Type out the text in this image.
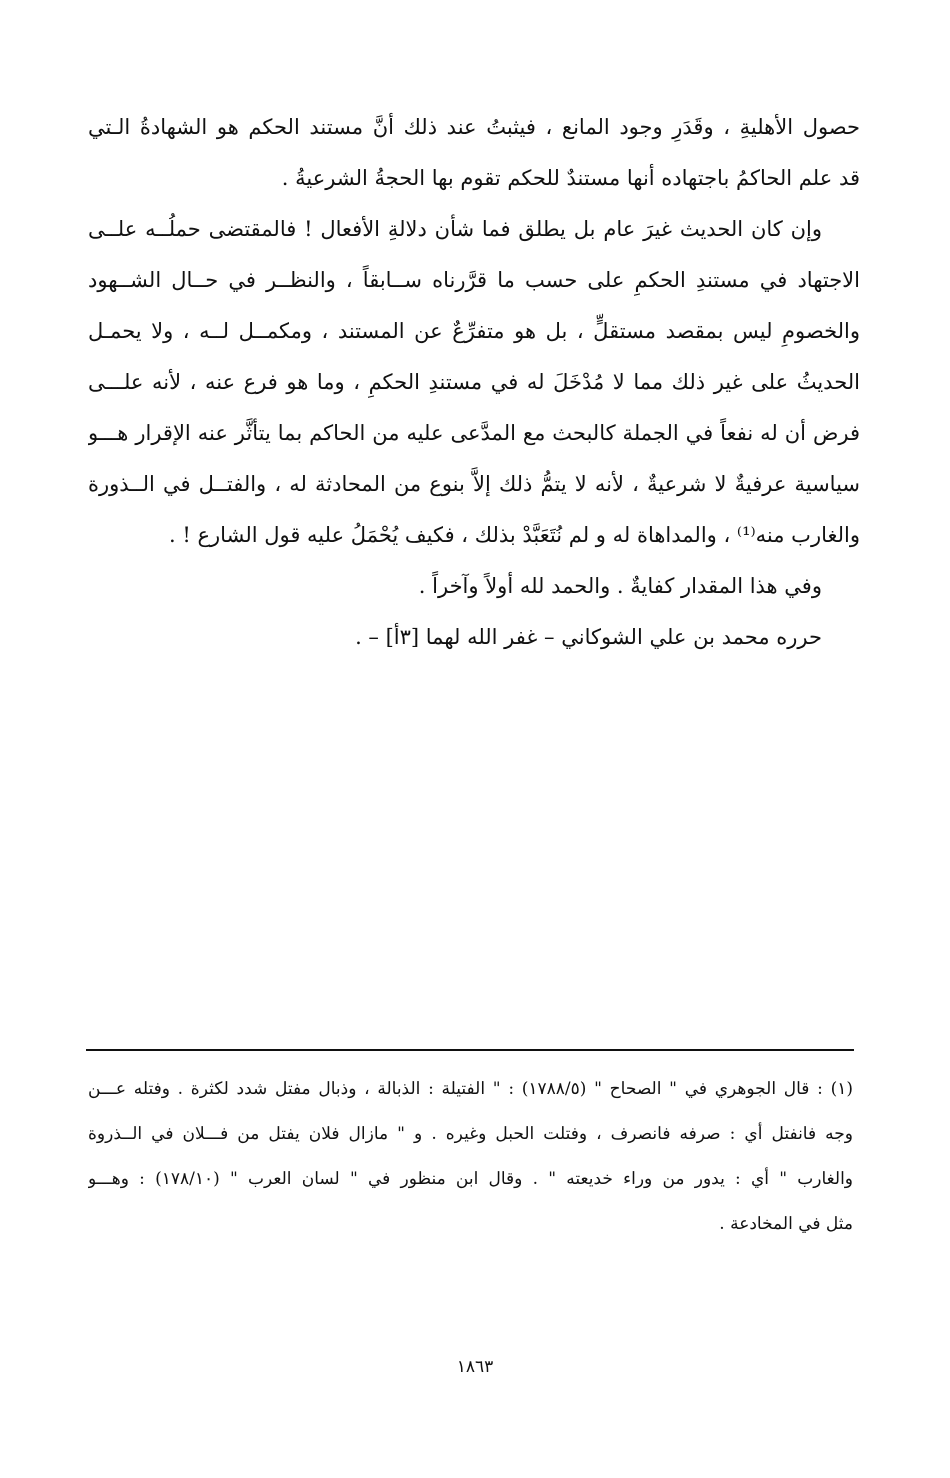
حصول الأهليةِ ، وقَدَرِ وجود المانع ، فيثبتُ عند ذلك أنَّ مستند الحكم هو الشهادةُ الـتي
قد علم الحاكمُ باجتهاده أنها مستندٌ للحكم تقوم بها الحجةُ الشرعيةُ .
وإن كان الحديث غيرَ عام بل يطلق فما شأن دلالةِ الأفعال ! فالمقتضى حملُــه علــى
الاجتهاد في مستندِ الحكمِ على حسب ما قرَّرناه ســابقاً ، والنظــر في حــال الشــهود
والخصومِ ليس بمقصد مستقلٍّ ، بل هو متفرِّعٌ عن المستند ، ومكمــل لــه ، ولا يحمـل
الحديثُ على غير ذلك مما لا مُدْخَلَ له في مستندِ الحكمِ ، وما هو فرع عنه ، لأنه علـــى
فرض أن له نفعاً في الجملة كالبحث مع المدَّعى عليه من الحاكم بما يتأثَّر عنه الإقرار هـــو
سياسية عرفيةٌ لا شرعيةٌ ، لأنه لا يتمُّ ذلك إلاَّ بنوع من المحادثة له ، والفتــل في الــذورة
والغارب منه⁽¹⁾ ، والمداهاة له و لم نُتَعَبَّدْ بذلك ، فكيف يُحْمَلُ عليه قول الشارع ! .
وفي هذا المقدار كفايةٌ . والحمد لله أولاً وآخراً .
حرره محمد بن علي الشوكاني – غفر الله لهما [٣أ] – .
(١) : قال الجوهري في " الصحاح " (١٧٨٨/٥) : " الفتيلة : الذبالة ، وذبال مفتل شدد لكثرة . وفتله عـــن
وجه فانفتل أي : صرفه فانصرف ، وفتلت الحبل وغيره . و " مازال فلان يفتل من فـــلان في الــذروة
والغارب " أي : يدور من وراء خديعته " . وقال ابن منظور في " لسان العرب " (١٧٨/١٠) : وهـــو
مثل في المخادعة .
١٨٦٣
